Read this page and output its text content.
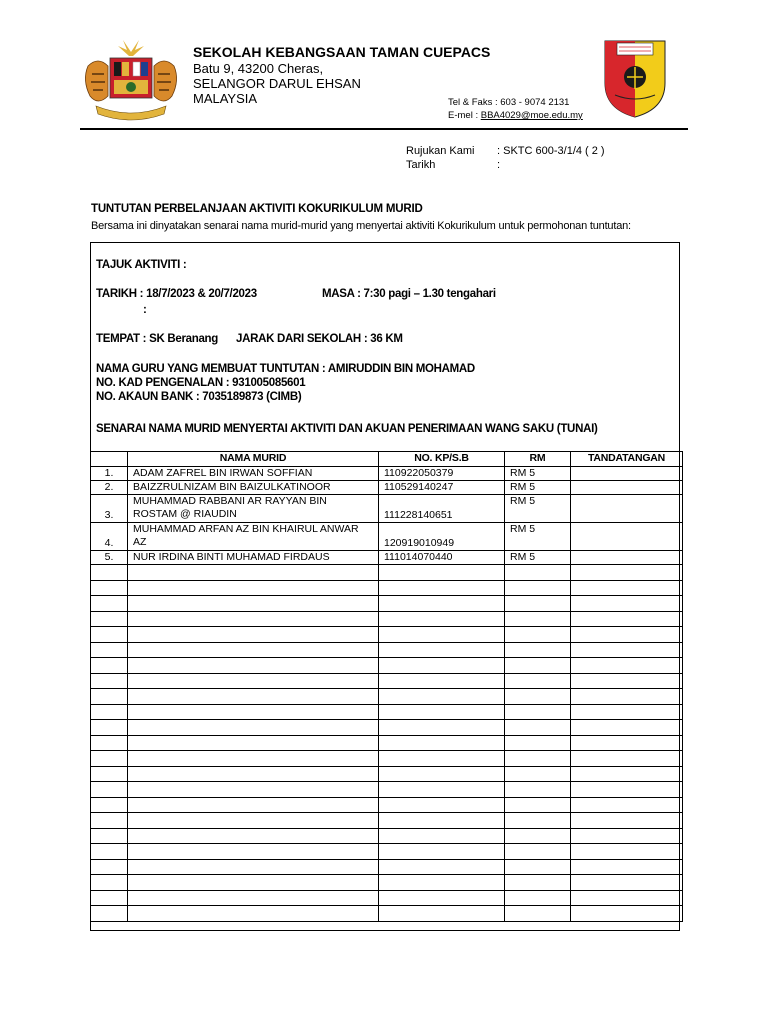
SEKOLAH KEBANGSAAN TAMAN CUEPACS
Batu 9, 43200 Cheras,
SELANGOR DARUL EHSAN
MALAYSIA	Tel & Faks : 603 - 9074 2131
E-mel : BBA4029@moe.edu.my
Rujukan Kami : SKTC 600-3/1/4 ( 2 )
Tarikh	:
TUNTUTAN PERBELANJAAN AKTIVITI KOKURIKULUM MURID
Bersama ini dinyatakan senarai nama murid-murid yang menyertai aktiviti Kokurikulum untuk permohonan tuntutan:
TAJUK AKTIVITI :
TARIKH : 18/7/2023 & 20/7/2023
:
MASA : 7:30 pagi – 1.30 tengahari
TEMPAT : SK Beranang JARAK DARI SEKOLAH : 36 KM
NAMA GURU YANG MEMBUAT TUNTUTAN : AMIRUDDIN BIN MOHAMAD
NO. KAD PENGENALAN : 931005085601
NO. AKAUN BANK : 7035189873 (CIMB)
SENARAI NAMA MURID MENYERTAI AKTIVITI DAN AKUAN PENERIMAAN WANG SAKU (TUNAI)
	NAMA MURID	NO. KP/S.B	RM	TANDATANGAN
1.	ADAM ZAFREL BIN IRWAN SOFFIAN	110922050379	RM 5	
2.	BAIZZRULNIZAM BIN BAIZULKATINOOR	110529140247	RM 5	
3.	MUHAMMAD RABBANI AR RAYYAN BIN ROSTAM @ RIAUDIN	111228140651	RM 5	
4.	MUHAMMAD ARFAN AZ BIN KHAIRUL ANWAR AZ	120919010949	RM 5	
5.	NUR IRDINA BINTI MUHAMAD FIRDAUS	111014070440	RM 5	
